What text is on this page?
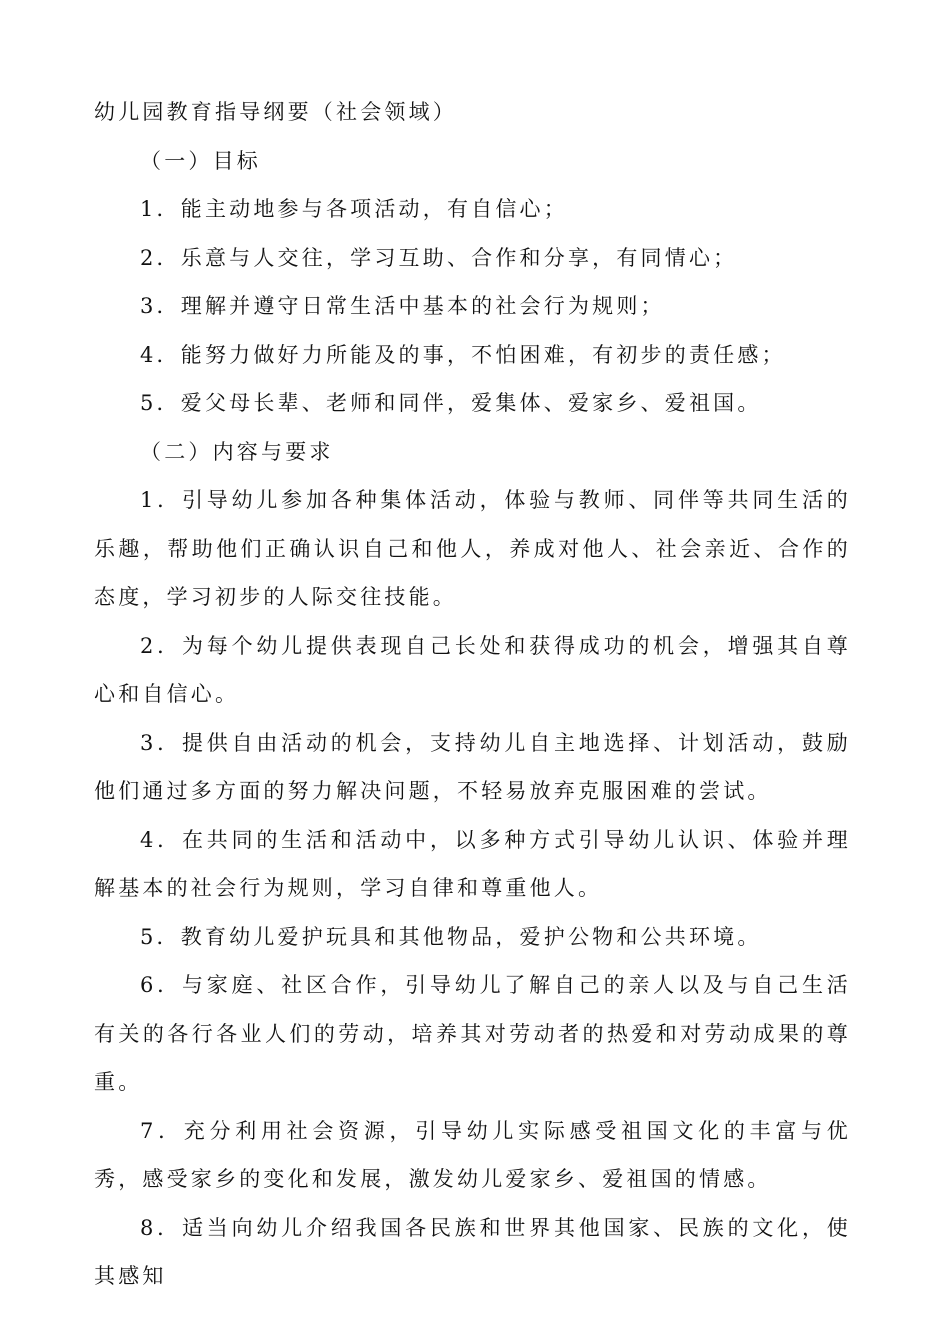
幼儿园教育指导纲要（社会领域）

（一）目标

1．能主动地参与各项活动，有自信心；

2．乐意与人交往，学习互助、合作和分享，有同情心；

3．理解并遵守日常生活中基本的社会行为规则；

4．能努力做好力所能及的事，不怕困难，有初步的责任感；

5．爱父母长辈、老师和同伴，爱集体、爱家乡、爱祖国。

（二）内容与要求

1．引导幼儿参加各种集体活动，体验与教师、同伴等共同生活的乐趣，帮助他们正确认识自己和他人，养成对他人、社会亲近、合作的态度，学习初步的人际交往技能。

2．为每个幼儿提供表现自己长处和获得成功的机会，增强其自尊心和自信心。

3．提供自由活动的机会，支持幼儿自主地选择、计划活动，鼓励他们通过多方面的努力解决问题，不轻易放弃克服困难的尝试。

4．在共同的生活和活动中，以多种方式引导幼儿认识、体验并理解基本的社会行为规则，学习自律和尊重他人。

5．教育幼儿爱护玩具和其他物品，爱护公物和公共环境。

6．与家庭、社区合作，引导幼儿了解自己的亲人以及与自己生活有关的各行各业人们的劳动，培养其对劳动者的热爱和对劳动成果的尊重。

7．充分利用社会资源，引导幼儿实际感受祖国文化的丰富与优秀，感受家乡的变化和发展，激发幼儿爱家乡、爱祖国的情感。

8．适当向幼儿介绍我国各民族和世界其他国家、民族的文化，使其感知
